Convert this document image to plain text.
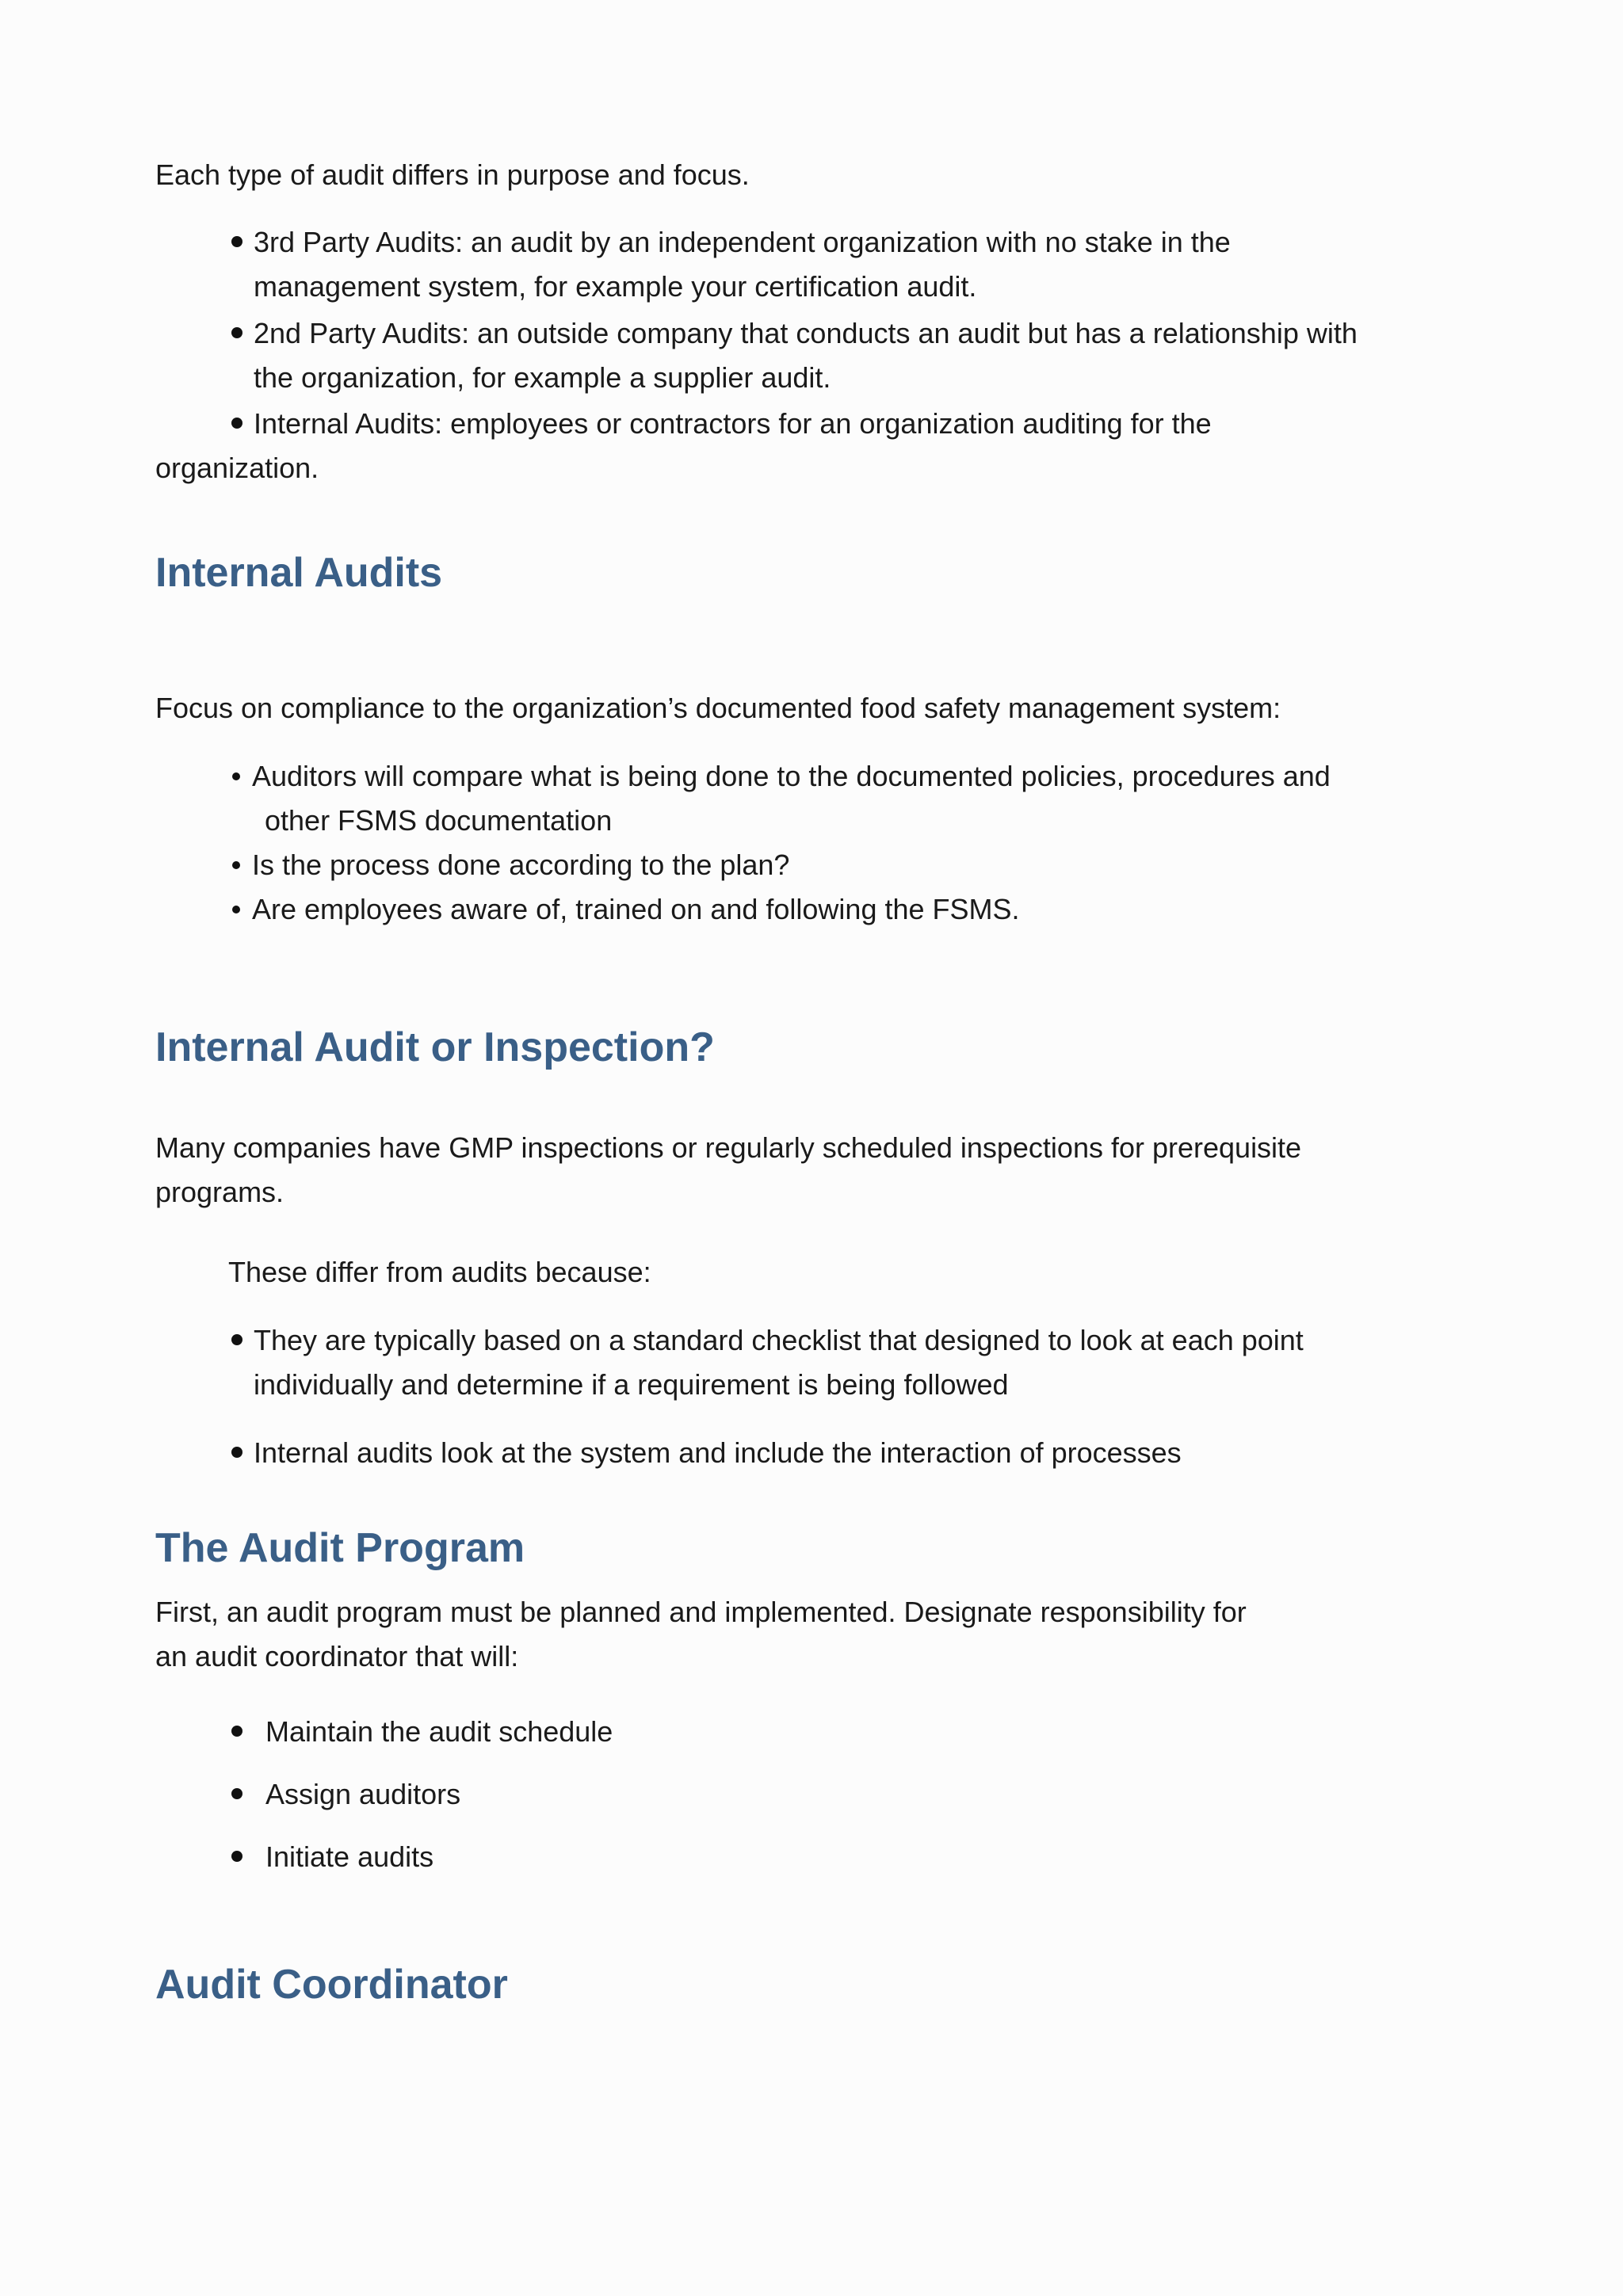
Each type of audit differs in purpose and focus.

3rd Party Audits: an audit by an independent organization with no stake in the

management system, for example your certification audit.

2nd Party Audits: an outside company that conducts an audit but has a relationship with

the organization, for example a supplier audit.

Internal Audits: employees or contractors for an organization auditing for the

organization.

Internal Audits

Focus on compliance to the organization’s documented food safety management system:

Auditors will compare what is being done to the documented policies, procedures and

other FSMS documentation

Is the process done according to the plan?

Are employees aware of, trained on and following the FSMS.

Internal Audit or Inspection?

Many companies have GMP inspections or regularly scheduled inspections for prerequisite

programs.

These differ from audits because:

They are typically based on a standard checklist that designed to look at each point

individually and determine if a requirement is being followed

Internal audits look at the system and include the interaction of processes

The Audit Program

First, an audit program must be planned and implemented. Designate responsibility for

an audit coordinator that will:

Maintain the audit schedule

Assign auditors

Initiate audits

Audit Coordinator
